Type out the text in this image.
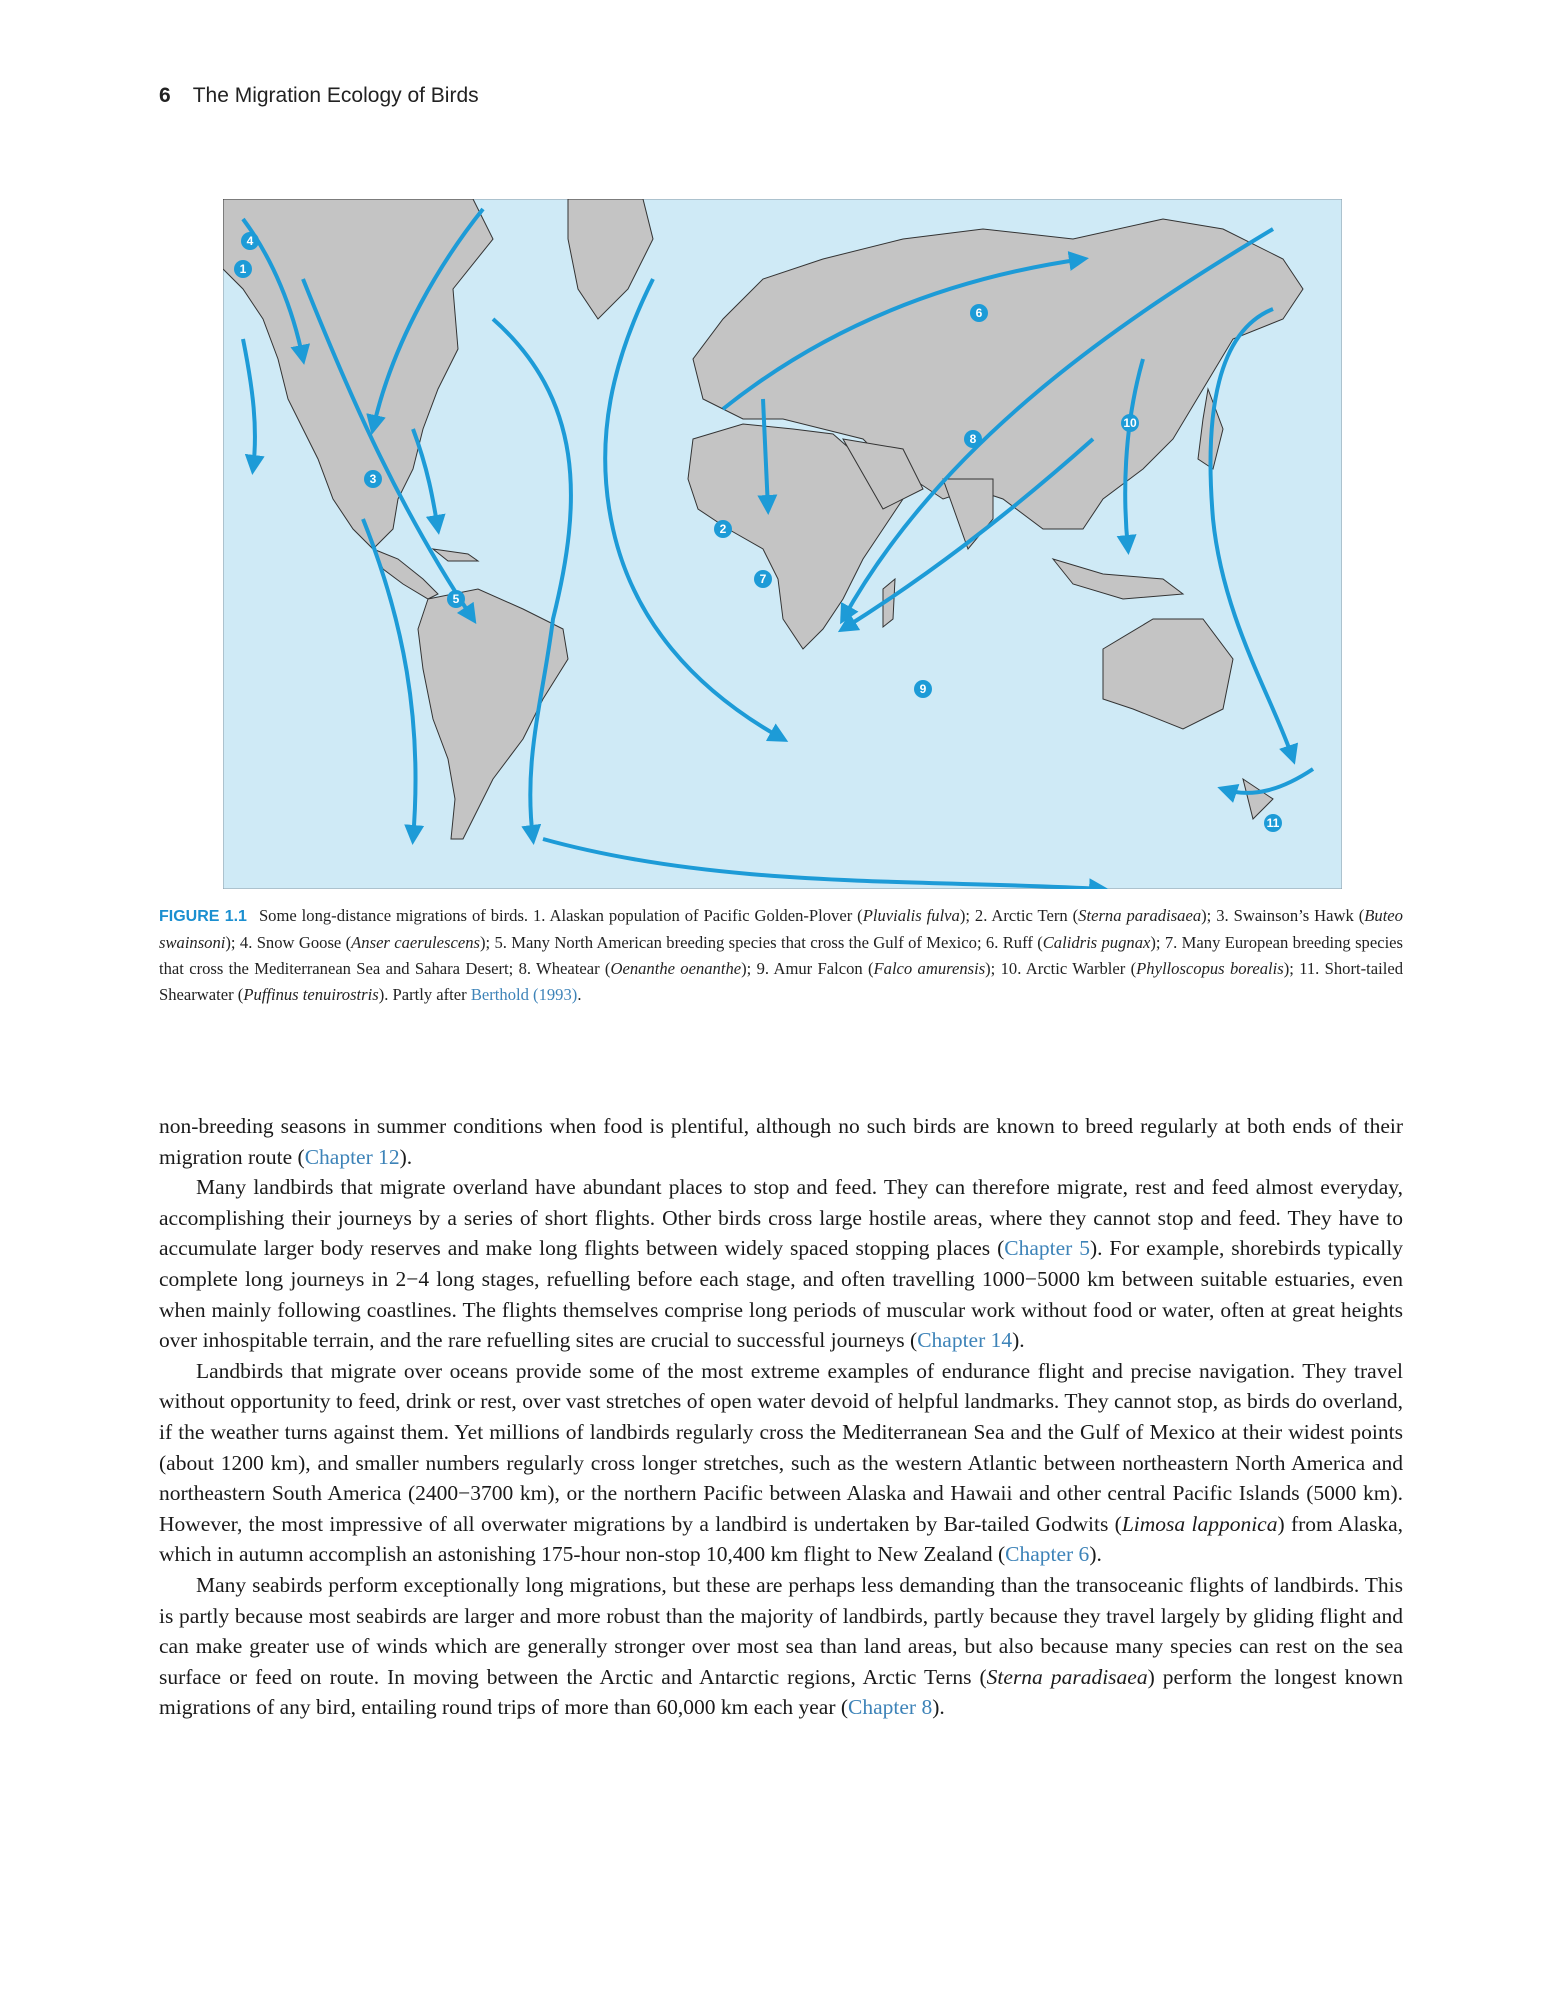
6 The Migration Ecology of Birds
1
2
3
4
5
6
7
8
9
10
11
FIGURE 1.1 Some long-distance migrations of birds. 1. Alaskan population of Pacific Golden-Plover (Pluvialis fulva); 2. Arctic Tern (Sterna paradisaea); 3. Swainson’s Hawk (Buteo swainsoni); 4. Snow Goose (Anser caerulescens); 5. Many North American breeding species that cross the Gulf of Mexico; 6. Ruff (Calidris pugnax); 7. Many European breeding species that cross the Mediterranean Sea and Sahara Desert; 8. Wheatear (Oenanthe oenanthe); 9. Amur Falcon (Falco amurensis); 10. Arctic Warbler (Phylloscopus borealis); 11. Short-tailed Shearwater (Puffinus tenuirostris). Partly after Berthold (1993).

non-breeding seasons in summer conditions when food is plentiful, although no such birds are known to breed regularly at both ends of their migration route (Chapter 12).

Many landbirds that migrate overland have abundant places to stop and feed. They can therefore migrate, rest and feed almost everyday, accomplishing their journeys by a series of short flights. Other birds cross large hostile areas, where they cannot stop and feed. They have to accumulate larger body reserves and make long flights between widely spaced stopping places (Chapter 5). For example, shorebirds typically complete long journeys in 2−4 long stages, refuelling before each stage, and often travelling 1000−5000 km between suitable estuaries, even when mainly following coastlines. The flights themselves comprise long periods of muscular work without food or water, often at great heights over inhospitable terrain, and the rare refuelling sites are crucial to successful journeys (Chapter 14).

Landbirds that migrate over oceans provide some of the most extreme examples of endurance flight and precise navigation. They travel without opportunity to feed, drink or rest, over vast stretches of open water devoid of helpful landmarks. They cannot stop, as birds do overland, if the weather turns against them. Yet millions of landbirds regularly cross the Mediterranean Sea and the Gulf of Mexico at their widest points (about 1200 km), and smaller numbers regularly cross longer stretches, such as the western Atlantic between northeastern North America and northeastern South America (2400−3700 km), or the northern Pacific between Alaska and Hawaii and other central Pacific Islands (5000 km). However, the most impressive of all overwater migrations by a landbird is undertaken by Bar-tailed Godwits (Limosa lapponica) from Alaska, which in autumn accomplish an astonishing 175-hour non-stop 10,400 km flight to New Zealand (Chapter 6).

Many seabirds perform exceptionally long migrations, but these are perhaps less demanding than the transoceanic flights of landbirds. This is partly because most seabirds are larger and more robust than the majority of landbirds, partly because they travel largely by gliding flight and can make greater use of winds which are generally stronger over most sea than land areas, but also because many species can rest on the sea surface or feed on route. In moving between the Arctic and Antarctic regions, Arctic Terns (Sterna paradisaea) perform the longest known migrations of any bird, entailing round trips of more than 60,000 km each year (Chapter 8).
